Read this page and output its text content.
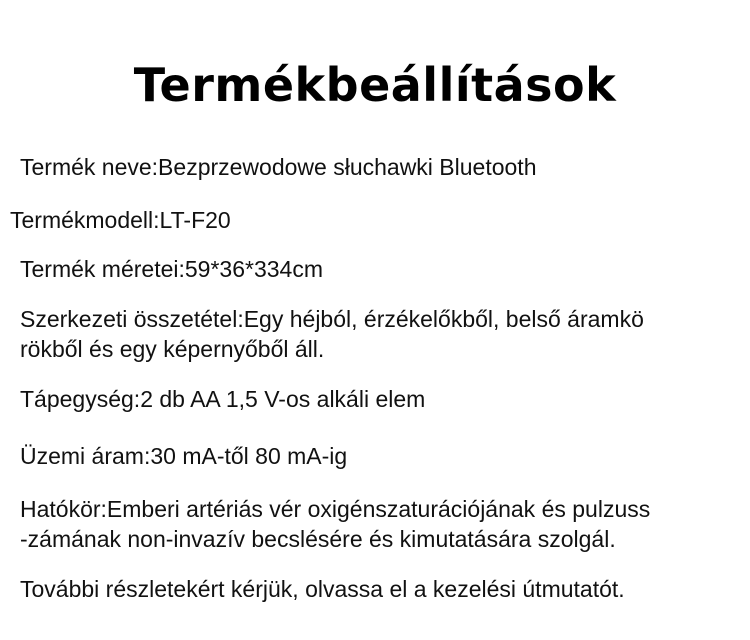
Termékbeállítások
Termék neve:Bezprzewodowe słuchawki Bluetooth
Termékmodell:LT-F20
Termék méretei:59*36*334cm
Szerkezeti összetétel:Egy héjból, érzékelőkből, belső áramkö
rökből és egy képernyőből áll.
Tápegység:2 db AA 1,5 V-os alkáli elem
Üzemi áram:30 mA-től 80 mA-ig
Hatókör:Emberi artériás vér oxigénszaturációjának és pulzuss
-zámának non-invazív becslésére és kimutatására szolgál.
További részletekért kérjük, olvassa el a kezelési útmutatót.
